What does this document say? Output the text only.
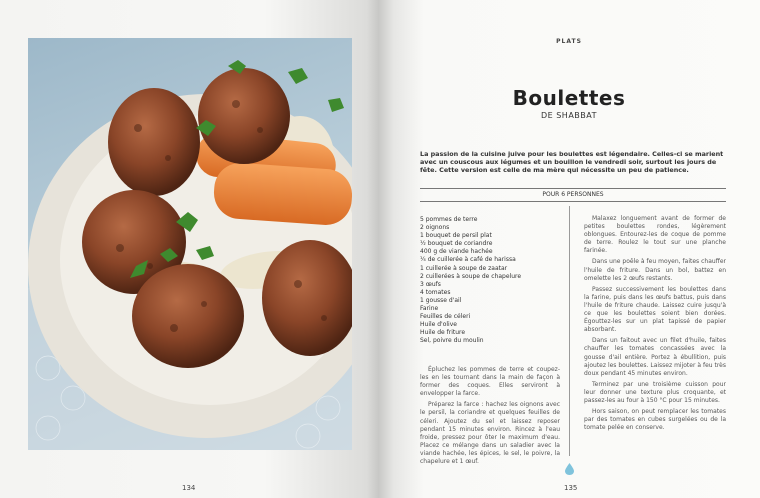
134
PLATS
Boulettes
DE SHABBAT
La passion de la cuisine juive pour les boulettes est légendaire. Celles-ci se marient avec un couscous aux légumes et un bouillon le vendredi soir, surtout les jours de fête. Cette version est celle de ma mère qui nécessite un peu de patience.
POUR 6 PERSONNES
5 pommes de terre
2 oignons
1 bouquet de persil plat
½ bouquet de coriandre
400 g de viande hachée
¼ de cuillerée à café de harissa
1 cuillerée à soupe de zaatar
2 cuillerées à soupe de chapelure
3 œufs
4 tomates
1 gousse d'ail
Farine
Feuilles de céleri
Huile d'olive
Huile de friture
Sel, poivre du moulin

Épluchez les pommes de terre et coupez-les en les tournant dans la main de façon à former des coques. Elles serviront à envelopper la farce.

Préparez la farce : hachez les oignons avec le persil, la coriandre et quelques feuilles de céleri. Ajoutez du sel et laissez reposer pendant 15 minutes environ. Rincez à l'eau froide, pressez pour ôter le maximum d'eau. Placez ce mélange dans un saladier avec la viande hachée, les épices, le sel, le poivre, la chapelure et 1 œuf.

Malaxez longuement avant de former de petites boulettes rondes, légèrement oblongues. Entourez-les de coque de pomme de terre. Roulez le tout sur une planche farinée.

Dans une poêle à feu moyen, faites chauffer l'huile de friture. Dans un bol, battez en omelette les 2 œufs restants.

Passez successivement les boulettes dans la farine, puis dans les œufs battus, puis dans l'huile de friture chaude. Laissez cuire jusqu'à ce que les boulettes soient bien dorées. Égouttez-les sur un plat tapissé de papier absorbant.

Dans un faitout avec un filet d'huile, faites chauffer les tomates concassées avec la gousse d'ail entière. Portez à ébullition, puis ajoutez les boulettes. Laissez mijoter à feu très doux pendant 45 minutes environ.

Terminez par une troisième cuisson pour leur donner une texture plus croquante, et passez-les au four à 150 °C pour 15 minutes.

Hors saison, on peut remplacer les tomates par des tomates en cubes surgelées ou de la tomate pelée en conserve.

135
